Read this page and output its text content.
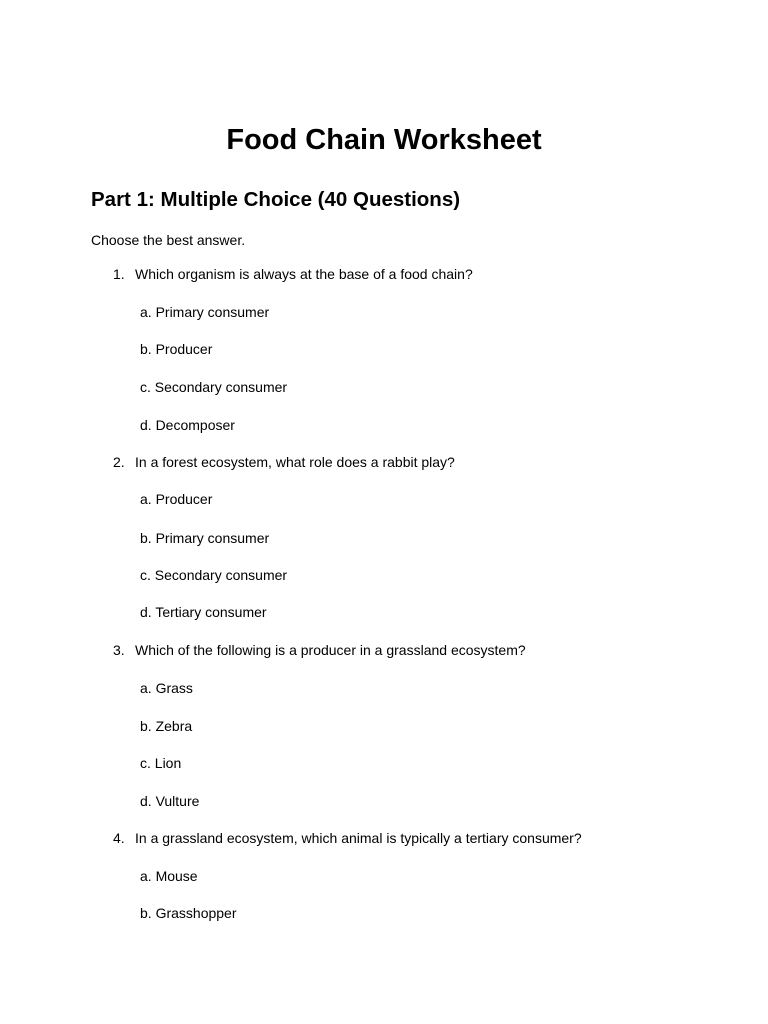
Food Chain Worksheet
Part 1: Multiple Choice (40 Questions)
Choose the best answer.
1. Which organism is always at the base of a food chain?
a. Primary consumer
b. Producer
c. Secondary consumer
d. Decomposer
2. In a forest ecosystem, what role does a rabbit play?
a. Producer
b. Primary consumer
c. Secondary consumer
d. Tertiary consumer
3. Which of the following is a producer in a grassland ecosystem?
a. Grass
b. Zebra
c. Lion
d. Vulture
4. In a grassland ecosystem, which animal is typically a tertiary consumer?
a. Mouse
b. Grasshopper
